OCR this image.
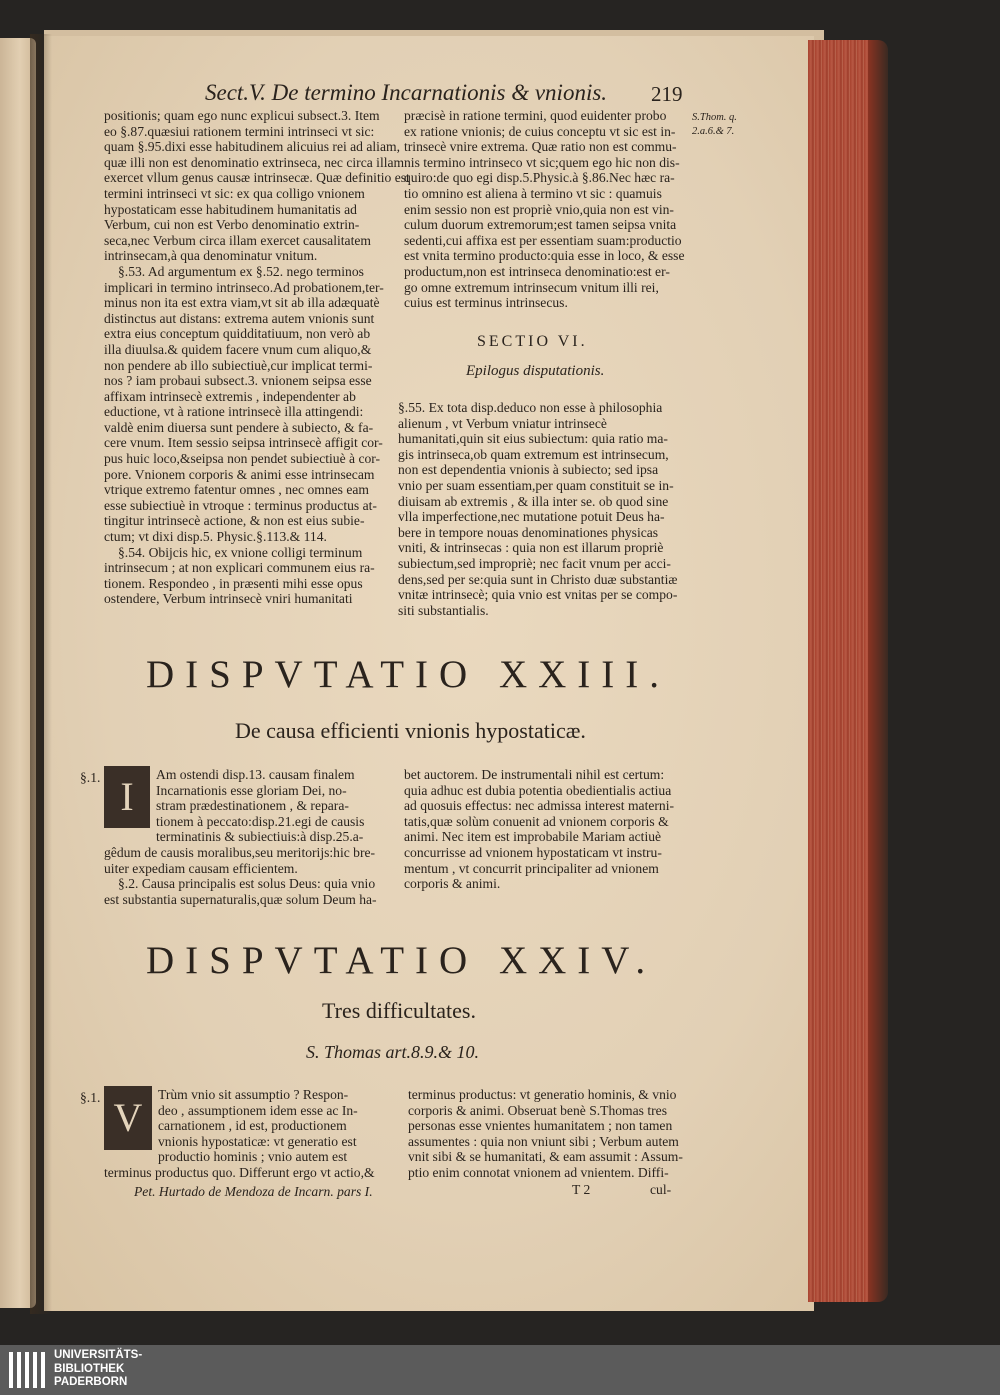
Sect.V. De termino Incarnationis & vnionis. 219
S.Thom. q.
2.a.6.& 7.
positionis; quam ego nunc explicui subsect.3. Item
eo §.87.quæsiui rationem termini intrinseci vt sic:
quam §.95.dixi esse habitudinem alicuius rei ad aliam,
quæ illi non est denominatio extrinseca, nec circa illam
exercet vllum genus causæ intrinsecæ. Quæ definitio est
termini intrinseci vt sic: ex qua colligo vnionem
hypostaticam esse habitudinem humanitatis ad
Verbum, cui non est Verbo denominatio extrin-
seca,nec Verbum circa illam exercet causalitatem
intrinsecam,à qua denominatur vnitum.
§.53. Ad argumentum ex §.52. nego terminos
implicari in termino intrinseco.Ad probationem,ter-
minus non ita est extra viam,vt sit ab illa adæquatè
distinctus aut distans: extrema autem vnionis sunt
extra eius conceptum quidditatiuum, non verò ab
illa diuulsa.& quidem facere vnum cum aliquo,&
non pendere ab illo subiectiuè,cur implicat termi-
nos ? iam probaui subsect.3. vnionem seipsa esse
affixam intrinsecè extremis , independenter ab
eductione, vt à ratione intrinsecè illa attingendi:
valdè enim diuersa sunt pendere à subiecto, & fa-
cere vnum. Item sessio seipsa intrinsecè affigit cor-
pus huic loco,&seipsa non pendet subiectiuè à cor-
pore. Vnionem corporis & animi esse intrinsecam
vtrique extremo fatentur omnes , nec omnes eam
esse subiectiuè in vtroque : terminus productus at-
tingitur intrinsecè actione, & non est eius subie-
ctum; vt dixi disp.5. Physic.§.113.& 114.
§.54. Obijcis hic, ex vnione colligi terminum
intrinsecum ; at non explicari communem eius ra-
tionem. Respondeo , in præsenti mihi esse opus
ostendere, Verbum intrinsecè vniri humanitati
præcisè in ratione termini, quod euidenter probo
ex ratione vnionis; de cuius conceptu vt sic est in-
trinsecè vnire extrema. Quæ ratio non est commu-
nis termino intrinseco vt sic;quem ego hic non dis-
quiro:de quo egi disp.5.Physic.à §.86.Nec hæc ra-
tio omnino est aliena à termino vt sic : quamuis
enim sessio non est propriè vnio,quia non est vin-
culum duorum extremorum;est tamen seipsa vnita
sedenti,cui affixa est per essentiam suam:productio
est vnita termino producto:quia esse in loco, & esse
productum,non est intrinseca denominatio:est er-
go omne extremum intrinsecum vnitum illi rei,
cuius est terminus intrinsecus.
SECTIO VI.
Epilogus disputationis.
§.55. Ex tota disp.deduco non esse à philosophia
alienum , vt Verbum vniatur intrinsecè
humanitati,quin sit eius subiectum: quia ratio ma-
gis intrinseca,ob quam extremum est intrinsecum,
non est dependentia vnionis à subiecto; sed ipsa
vnio per suam essentiam,per quam constituit se in-
diuisam ab extremis , & illa inter se. ob quod sine
vlla imperfectione,nec mutatione potuit Deus ha-
bere in tempore nouas denominationes physicas
vniti, & intrinsecas : quia non est illarum propriè
subiectum,sed impropriè; nec facit vnum per acci-
dens,sed per se:quia sunt in Christo duæ substantiæ
vnitæ intrinsecè; quia vnio est vnitas per se compo-
siti substantialis.
DISPVTATIO XXIII.
De causa efficienti vnionis hypostaticæ.
§.1. I	Am ostendi disp.13. causam finalem
Incarnationis esse gloriam Dei, no-
stram prædestinationem , & repara-
tionem à peccato:disp.21.egi de causis
terminatinis & subiectiuis:à disp.25.a-
gêdum de causis moralibus,seu meritorijs:hic bre-
uiter expediam causam efficientem.
§.2. Causa principalis est solus Deus: quia vnio
est substantia supernaturalis,quæ solum Deum ha-
bet auctorem. De instrumentali nihil est certum:
quia adhuc est dubia potentia obedientialis actiua
ad quosuis effectus: nec admissa interest materni-
tatis,quæ solùm conuenit ad vnionem corporis &
animi. Nec item est improbabile Mariam actiuè
concurrisse ad vnionem hypostaticam vt instru-
mentum , vt concurrit principaliter ad vnionem
corporis & animi.
DISPVTATIO XXIV.
Tres difficultates.
S. Thomas art.8.9.& 10.
§.1. V
Trùm vnio sit assumptio ? Respon-
deo , assumptionem idem esse ac In-
carnationem , id est, productionem
vnionis hypostaticæ: vt generatio est
productio hominis ; vnio autem est
terminus productus quo. Differunt ergo vt actio,&
terminus productus: vt generatio hominis, & vnio
corporis & animi. Obseruat benè S.Thomas tres
personas esse vnientes humanitatem ; non tamen
assumentes : quia non vniunt sibi ; Verbum autem
vnit sibi & se humanitati, & eam assumit : Assum-
ptio enim connotat vnionem ad vnientem. Diffi-
Pet. Hurtado de Mendoza de Incarn. pars I.	T 2	cul-
UNIVERSITÄTS-
BIBLIOTHEK
PADERBORN
